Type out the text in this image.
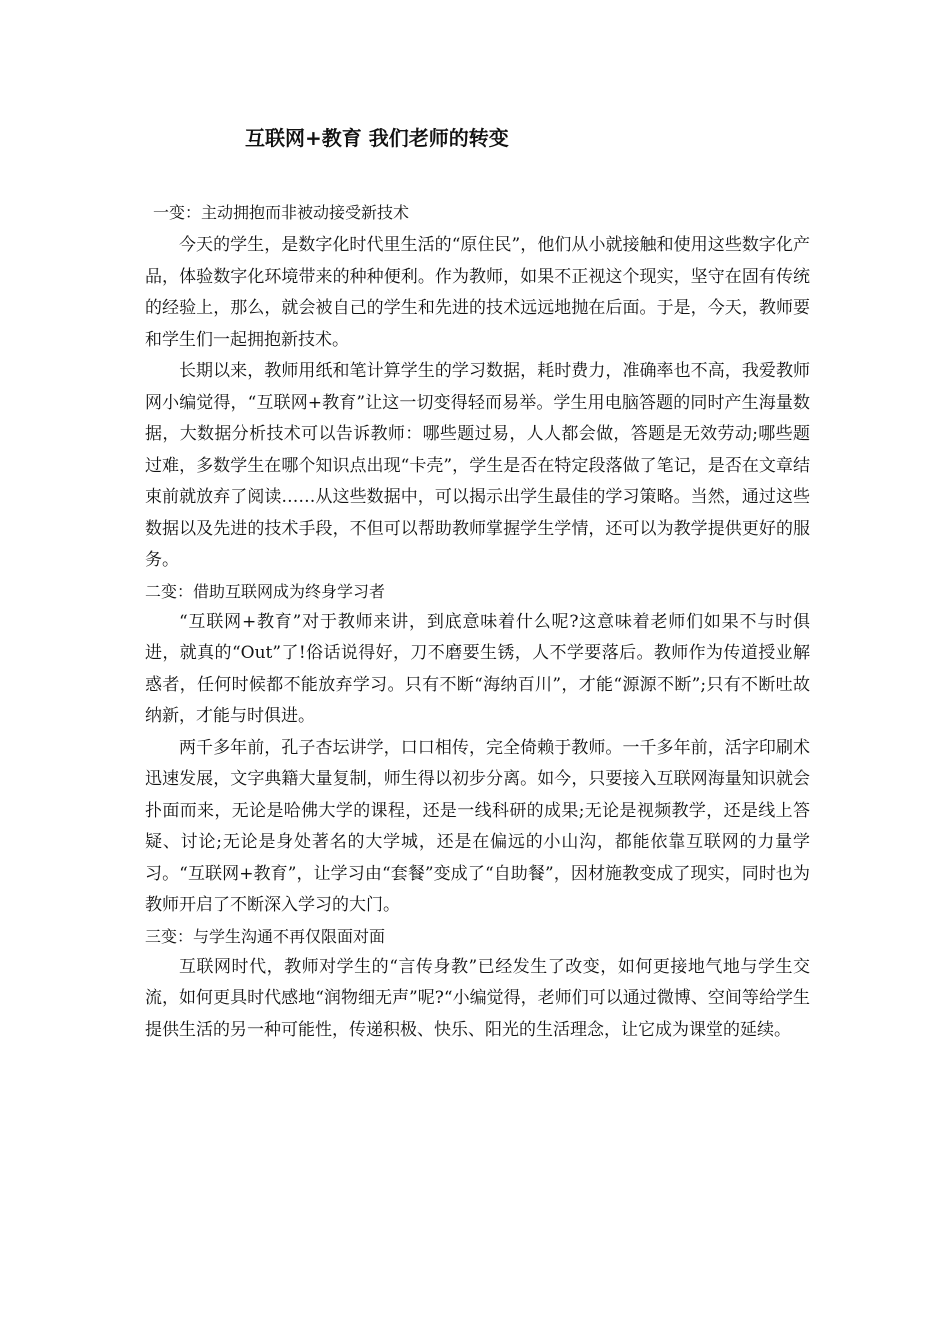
互联网+教育 我们老师的转变

一变：主动拥抱而非被动接受新技术

今天的学生，是数字化时代里生活的“原住民”，他们从小就接触和使用这些数字化产品，体验数字化环境带来的种种便利。作为教师，如果不正视这个现实，坚守在固有传统的经验上，那么，就会被自己的学生和先进的技术远远地抛在后面。于是，今天，教师要和学生们一起拥抱新技术。

长期以来，教师用纸和笔计算学生的学习数据，耗时费力，准确率也不高，我爱教师网小编觉得，“互联网+教育”让这一切变得轻而易举。学生用电脑答题的同时产生海量数据，大数据分析技术可以告诉教师：哪些题过易，人人都会做，答题是无效劳动;哪些题过难，多数学生在哪个知识点出现“卡壳”，学生是否在特定段落做了笔记，是否在文章结束前就放弃了阅读……从这些数据中，可以揭示出学生最佳的学习策略。当然，通过这些数据以及先进的技术手段，不但可以帮助教师掌握学生学情，还可以为教学提供更好的服务。

二变：借助互联网成为终身学习者

“互联网+教育”对于教师来讲，到底意味着什么呢?这意味着老师们如果不与时俱进，就真的“Out”了!俗话说得好，刀不磨要生锈，人不学要落后。教师作为传道授业解惑者，任何时候都不能放弃学习。只有不断“海纳百川”，才能“源源不断”;只有不断吐故纳新，才能与时俱进。

两千多年前，孔子杏坛讲学，口口相传，完全倚赖于教师。一千多年前，活字印刷术迅速发展，文字典籍大量复制，师生得以初步分离。如今，只要接入互联网海量知识就会扑面而来，无论是哈佛大学的课程，还是一线科研的成果;无论是视频教学，还是线上答疑、讨论;无论是身处著名的大学城，还是在偏远的小山沟，都能依靠互联网的力量学习。“互联网+教育”，让学习由“套餐”变成了“自助餐”，因材施教变成了现实，同时也为教师开启了不断深入学习的大门。

三变：与学生沟通不再仅限面对面

互联网时代，教师对学生的“言传身教”已经发生了改变，如何更接地气地与学生交流，如何更具时代感地“润物细无声”呢?“小编觉得，老师们可以通过微博、空间等给学生提供生活的另一种可能性，传递积极、快乐、阳光的生活理念，让它成为课堂的延续。
